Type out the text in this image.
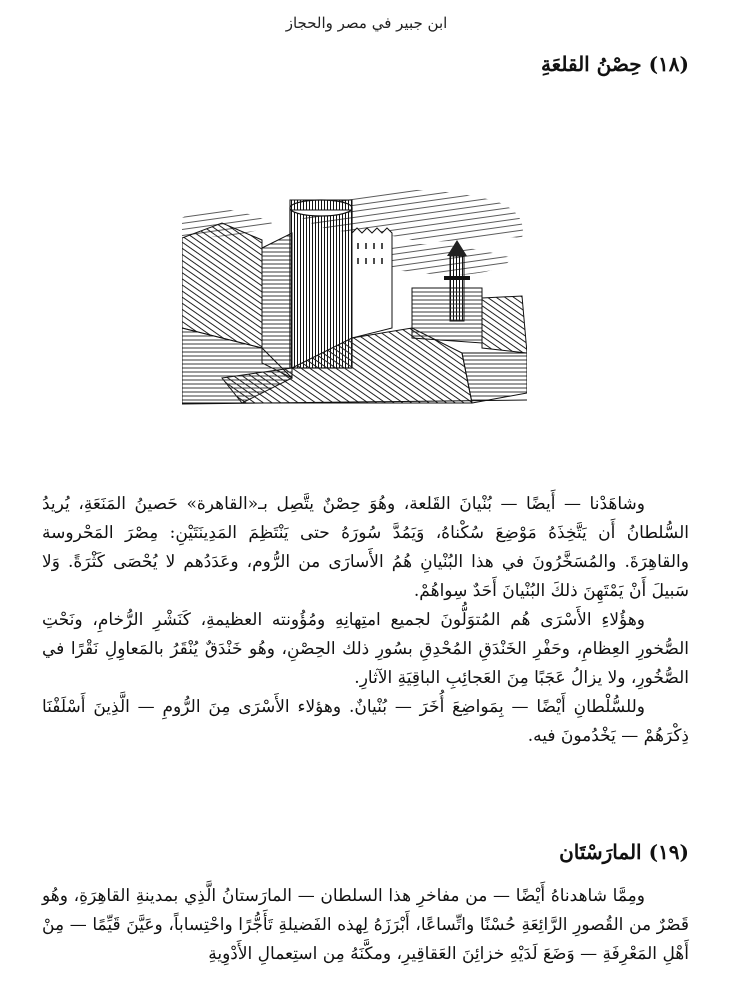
ابن جبير في مصر والحجاز
(١٨) حِصْنُ القلعَةِ

وشاهَدْنا — أَيضًا — بُنْيانَ القَلعة، وهُوَ حِصْنٌ يتَّصِل بـ«القاهرة» حَصينُ المَنَعَةِ، يُريدُ السُّلطانُ أَن يَتَّخِذَهُ مَوْضِعَ سُكْناهُ، وَيَمُدَّ سُورَهُ حتى يَنْتَظِمَ المَدِينَتَيْنِ: مِصْرَ المَحْروسة والقاهِرَةَ. والمُسَخَّرُونَ في هذا البُنْيانِ هُمُ الأَسارَى من الرُّوم، وعَدَدُهم لا يُحْصَى كَثْرَةً. وَلا سَبيلَ أَنْ يَمْتَهِنَ ذلكَ البُنْيانَ أَحَدٌ سِواهُمْ.

وهؤُلاءِ الأَسْرَى هُم المُتوَلُّونَ لجميع امتِهانِهِ ومُؤُونته العظيمةِ، كَنَشْرِ الرُّخامِ، ونَحْتِ الصُّخورِ العِظامِ، وحَفْرِ الخَنْدَقِ المُحْدِقِ بسُورِ ذلك الحِصْنِ، وهُو خَنْدَقٌ يُنْقَرُ بالمَعاوِلِ نَقْرًا في الصُّخُورِ، ولا يزالُ عَجَبًا مِنَ العَجائِبِ الباقِيَةِ الآثارِ.

وللسُّلْطانِ أَيْضًا — بِمَواضِعَ أُخَرَ — بُنْيانٌ. وهؤلاء الأَسْرَى مِنَ الرُّومِ — الَّذِينَ أَسْلَفْنَا ذِكْرَهُمْ — يَخْدُمونَ فيه.

(١٩) المارَسْتَان

ومِمَّا شاهدناهُ أَيْضًا — من مفاخرِ هذا السلطان — المارَستانُ الَّذِي بمدينةِ القاهِرَةِ، وهُو قَصْرٌ من القُصورِ الرَّائِعَةِ حُسْنًا واتِّساعًا، أَبْرَزَهُ لِهذه الفَضيلةِ تَأَجُّرًا واحْتِساباً، وعَيَّنَ قَيِّمًا — مِنْ أَهْلِ المَعْرِفَةِ — وَضَعَ لَدَيْهِ خزائِنَ العَقاقِيرِ، ومكَّنَهُ مِن استِعمالِ الأَدْوِيةِ
